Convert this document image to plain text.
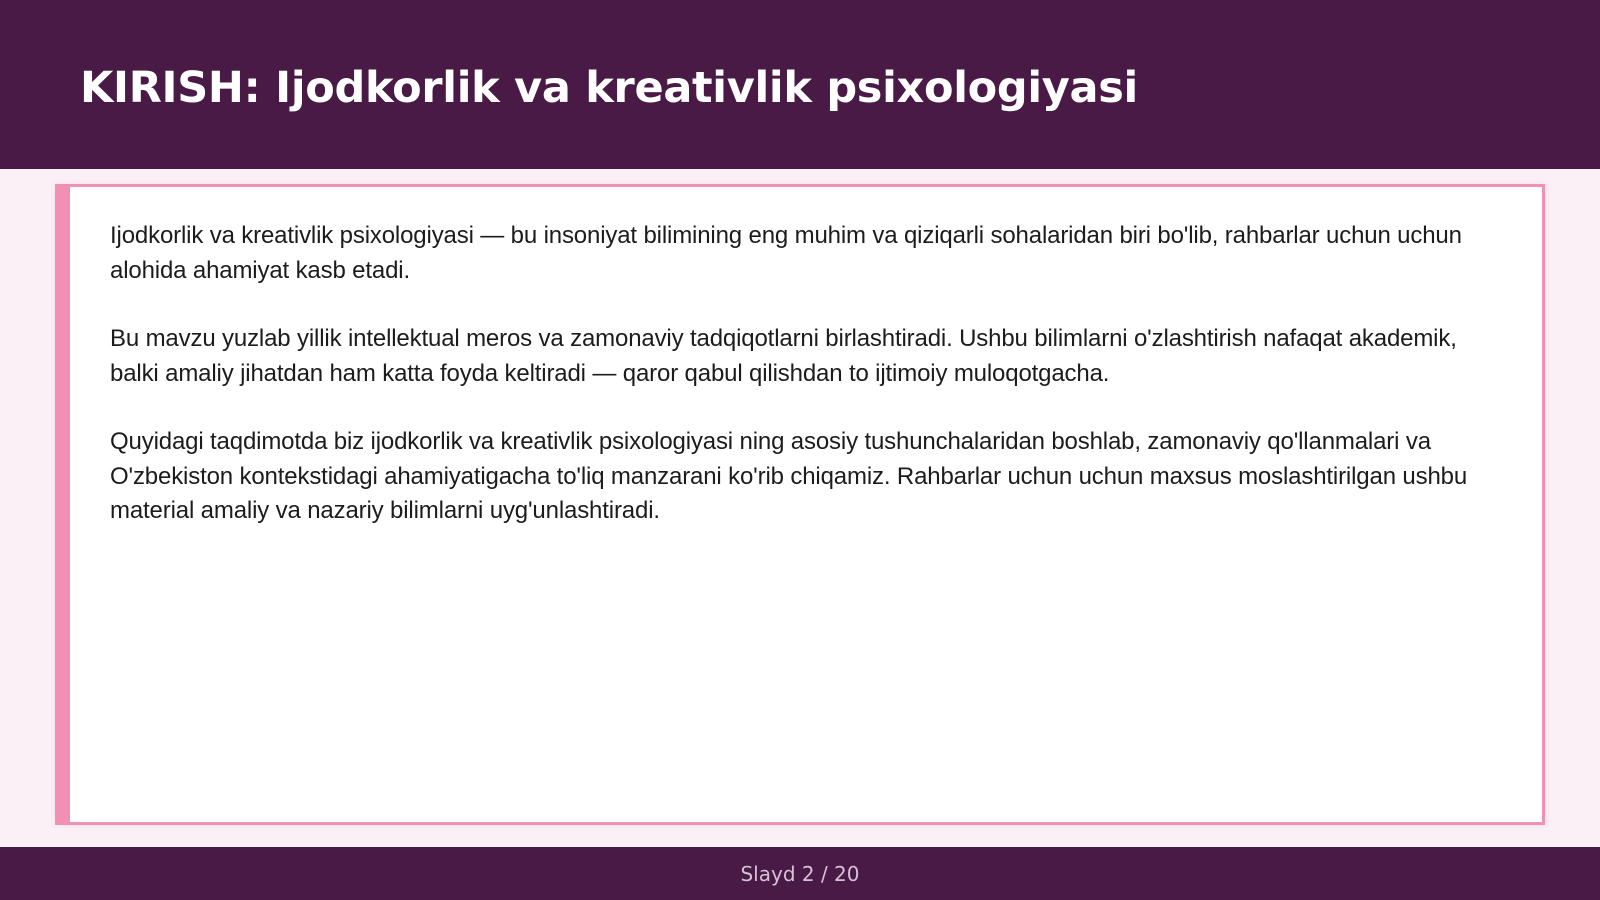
KIRISH: Ijodkorlik va kreativlik psixologiyasi

Ijodkorlik va kreativlik psixologiyasi — bu insoniyat bilimining eng muhim va qiziqarli sohalaridan biri bo'lib, rahbarlar uchun uchun alohida ahamiyat kasb etadi.

Bu mavzu yuzlab yillik intellektual meros va zamonaviy tadqiqotlarni birlashtiradi. Ushbu bilimlarni o'zlashtirish nafaqat akademik, balki amaliy jihatdan ham katta foyda keltiradi — qaror qabul qilishdan to ijtimoiy muloqotgacha.

Quyidagi taqdimotda biz ijodkorlik va kreativlik psixologiyasi ning asosiy tushunchalaridan boshlab, zamonaviy qo'llanmalari va O'zbekiston kontekstidagi ahamiyatigacha to'liq manzarani ko'rib chiqamiz. Rahbarlar uchun uchun maxsus moslashtirilgan ushbu material amaliy va nazariy bilimlarni uyg'unlashtiradi.

Slayd 2 / 20
